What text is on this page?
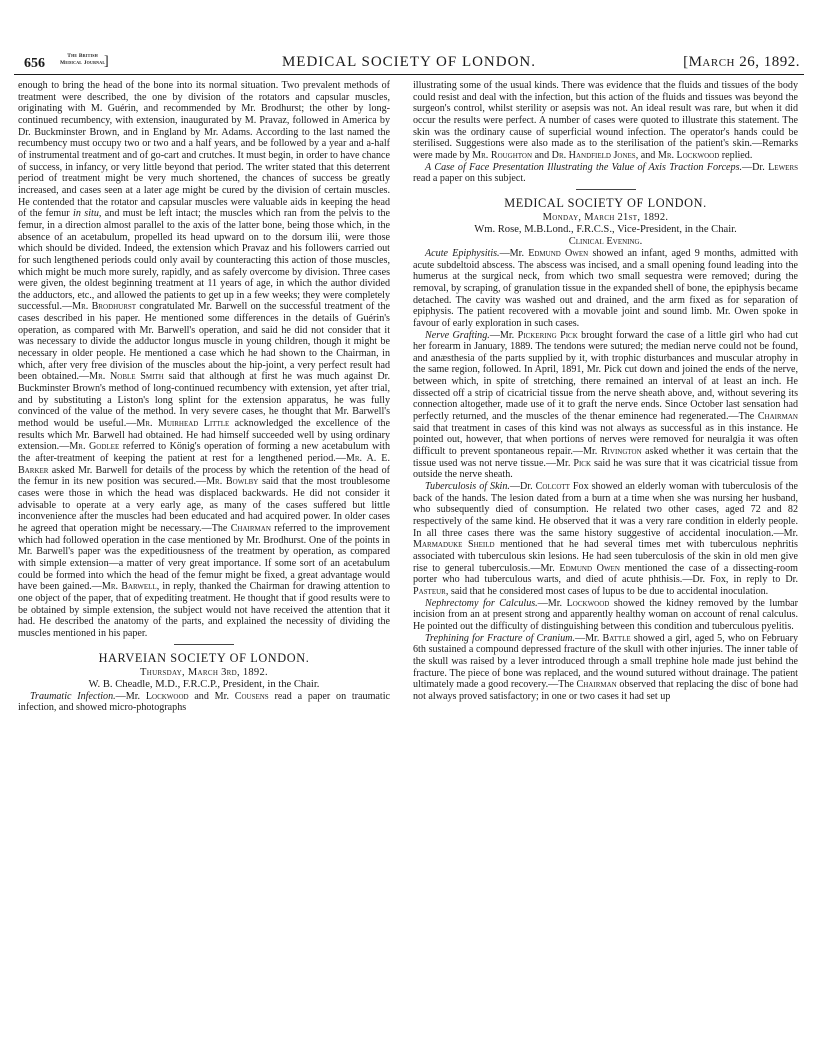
656	The British
Medical Journal
]	MEDICAL SOCIETY OF LONDON.	[March 26, 1892.

enough to bring the head of the bone into its normal situation. Two prevalent methods of treatment were described, the one by division of the rotators and capsular muscles, originating with M. Guérin, and recommended by Mr. Brodhurst; the other by long-continued recumbency, with extension, inaugurated by M. Pravaz, followed in America by Dr. Buckminster Brown, and in England by Mr. Adams. According to the last named the recumbency must occupy two or two and a half years, and be followed by a year and a-half of instrumental treatment and of go-cart and crutches. It must begin, in order to have chance of success, in infancy, or very little beyond that period. The writer stated that this deterrent period of treatment might be very much shortened, the chances of success be greatly increased, and cases seen at a later age might be cured by the division of certain muscles. He contended that the rotator and capsular muscles were valuable aids in keeping the head of the femur in situ, and must be left intact; the muscles which ran from the pelvis to the femur, in a direction almost parallel to the axis of the latter bone, being those which, in the absence of an acetabulum, propelled its head upward on to the dorsum ilii, were those which should be divided. Indeed, the extension which Pravaz and his followers carried out for such lengthened periods could only avail by counteracting this action of those muscles, which might be much more surely, rapidly, and as safely overcome by division. Three cases were given, the oldest beginning treatment at 11 years of age, in which the author divided the adductors, etc., and allowed the patients to get up in a few weeks; they were completely successful.—Mr. Brodhurst congratulated Mr. Barwell on the successful treatment of the cases described in his paper. He mentioned some differences in the details of Guérin's operation, as compared with Mr. Barwell's operation, and said he did not consider that it was necessary to divide the adductor longus muscle in young children, though it might be necessary in older people. He mentioned a case which he had shown to the Chairman, in which, after very free division of the muscles about the hip-joint, a very perfect result had been obtained.—Mr. Noble Smith said that although at first he was much against Dr. Buckminster Brown's method of long-continued recumbency with extension, yet after trial, and by substituting a Liston's long splint for the extension apparatus, he was fully convinced of the value of the method. In very severe cases, he thought that Mr. Barwell's method would be useful.—Mr. Muirhead Little acknowledged the excellence of the results which Mr. Barwell had obtained. He had himself succeeded well by using ordinary extension.—Mr. Godlee referred to König's operation of forming a new acetabulum with the after-treatment of keeping the patient at rest for a lengthened period.—Mr. A. E. Barker asked Mr. Barwell for details of the process by which the retention of the head of the femur in its new position was secured.—Mr. Bowlby said that the most troublesome cases were those in which the head was displaced backwards. He did not consider it advisable to operate at a very early age, as many of the cases suffered but little inconvenience after the muscles had been educated and had acquired power. In older cases he agreed that operation might be necessary.—The Chairman referred to the improvement which had followed operation in the case mentioned by Mr. Brodhurst. One of the points in Mr. Barwell's paper was the expeditiousness of the treatment by operation, as compared with simple extension—a matter of very great importance. If some sort of an acetabulum could be formed into which the head of the femur might be fixed, a great advantage would have been gained.—Mr. Barwell, in reply, thanked the Chairman for drawing attention to one object of the paper, that of expediting treatment. He thought that if good results were to be obtained by simple extension, the subject would not have received the attention that it had. He described the anatomy of the parts, and explained the necessity of dividing the muscles mentioned in his paper.

HARVEIAN SOCIETY OF LONDON.
Thursday, March 3rd, 1892.
W. B. Cheadle, M.D., F.R.C.P., President, in the Chair.

Traumatic Infection.—Mr. Lockwood and Mr. Cousens read a paper on traumatic infection, and showed micro-photographs

illustrating some of the usual kinds. There was evidence that the fluids and tissues of the body could resist and deal with the infection, but this action of the fluids and tissues was beyond the surgeon's control, whilst sterility or asepsis was not. An ideal result was rare, but when it did occur the results were perfect. A number of cases were quoted to illustrate this statement. The skin was the ordinary cause of superficial wound infection. The operator's hands could be sterilised. Suggestions were also made as to the sterilisation of the patient's skin.—Remarks were made by Mr. Roughton and Dr. Handfield Jones, and Mr. Lockwood replied.

A Case of Face Presentation Illustrating the Value of Axis Traction Forceps.—Dr. Lewers read a paper on this subject.

MEDICAL SOCIETY OF LONDON.
Monday, March 21st, 1892.
Wm. Rose, M.B.Lond., F.R.C.S., Vice-President, in the Chair.
Clinical Evening.

Acute Epiphysitis.—Mr. Edmund Owen showed an infant, aged 9 months, admitted with acute subdeltoid abscess. The abscess was incised, and a small opening found leading into the humerus at the surgical neck, from which two small sequestra were removed; during the removal, by scraping, of granulation tissue in the expanded shell of bone, the epiphysis became detached. The cavity was washed out and drained, and the arm fixed as for separation of epiphysis. The patient recovered with a movable joint and sound limb. Mr. Owen spoke in favour of early exploration in such cases.

Nerve Grafting.—Mr. Pickering Pick brought forward the case of a little girl who had cut her forearm in January, 1889. The tendons were sutured; the median nerve could not be found, and anæsthesia of the parts supplied by it, with trophic disturbances and muscular atrophy in the same region, followed. In April, 1891, Mr. Pick cut down and joined the ends of the nerve, between which, in spite of stretching, there remained an interval of at least an inch. He dissected off a strip of cicatricial tissue from the nerve sheath above, and, without severing its connection altogether, made use of it to graft the nerve ends. Since October last sensation had perfectly returned, and the muscles of the thenar eminence had regenerated.—The Chairman said that treatment in cases of this kind was not always as successful as in this instance. He pointed out, however, that when portions of nerves were removed for neuralgia it was often difficult to prevent spontaneous repair.—Mr. Rivington asked whether it was certain that the tissue used was not nerve tissue.—Mr. Pick said he was sure that it was cicatricial tissue from outside the nerve sheath.

Tuberculosis of Skin.—Dr. Colcott Fox showed an elderly woman with tuberculosis of the back of the hands. The lesion dated from a burn at a time when she was nursing her husband, who subsequently died of consumption. He related two other cases, aged 72 and 82 respectively of the same kind. He observed that it was a very rare condition in elderly people. In all three cases there was the same history suggestive of accidental inoculation.—Mr. Marmaduke Sheild mentioned that he had several times met with tuberculous nephritis associated with tuberculous skin lesions. He had seen tuberculosis of the skin in old men give rise to general tuberculosis.—Mr. Edmund Owen mentioned the case of a dissecting-room porter who had tuberculous warts, and died of acute phthisis.—Dr. Fox, in reply to Dr. Pasteur, said that he considered most cases of lupus to be due to accidental inoculation.

Nephrectomy for Calculus.—Mr. Lockwood showed the kidney removed by the lumbar incision from an at present strong and apparently healthy woman on account of renal calculus. He pointed out the difficulty of distinguishing between this condition and tuberculous pyelitis.

Trephining for Fracture of Cranium.—Mr. Battle showed a girl, aged 5, who on February 6th sustained a compound depressed fracture of the skull with other injuries. The inner table of the skull was raised by a lever introduced through a small trephine hole made just behind the fracture. The piece of bone was replaced, and the wound sutured without drainage. The patient ultimately made a good recovery.—The Chairman observed that replacing the disc of bone had not always proved satisfactory; in one or two cases it had set up
